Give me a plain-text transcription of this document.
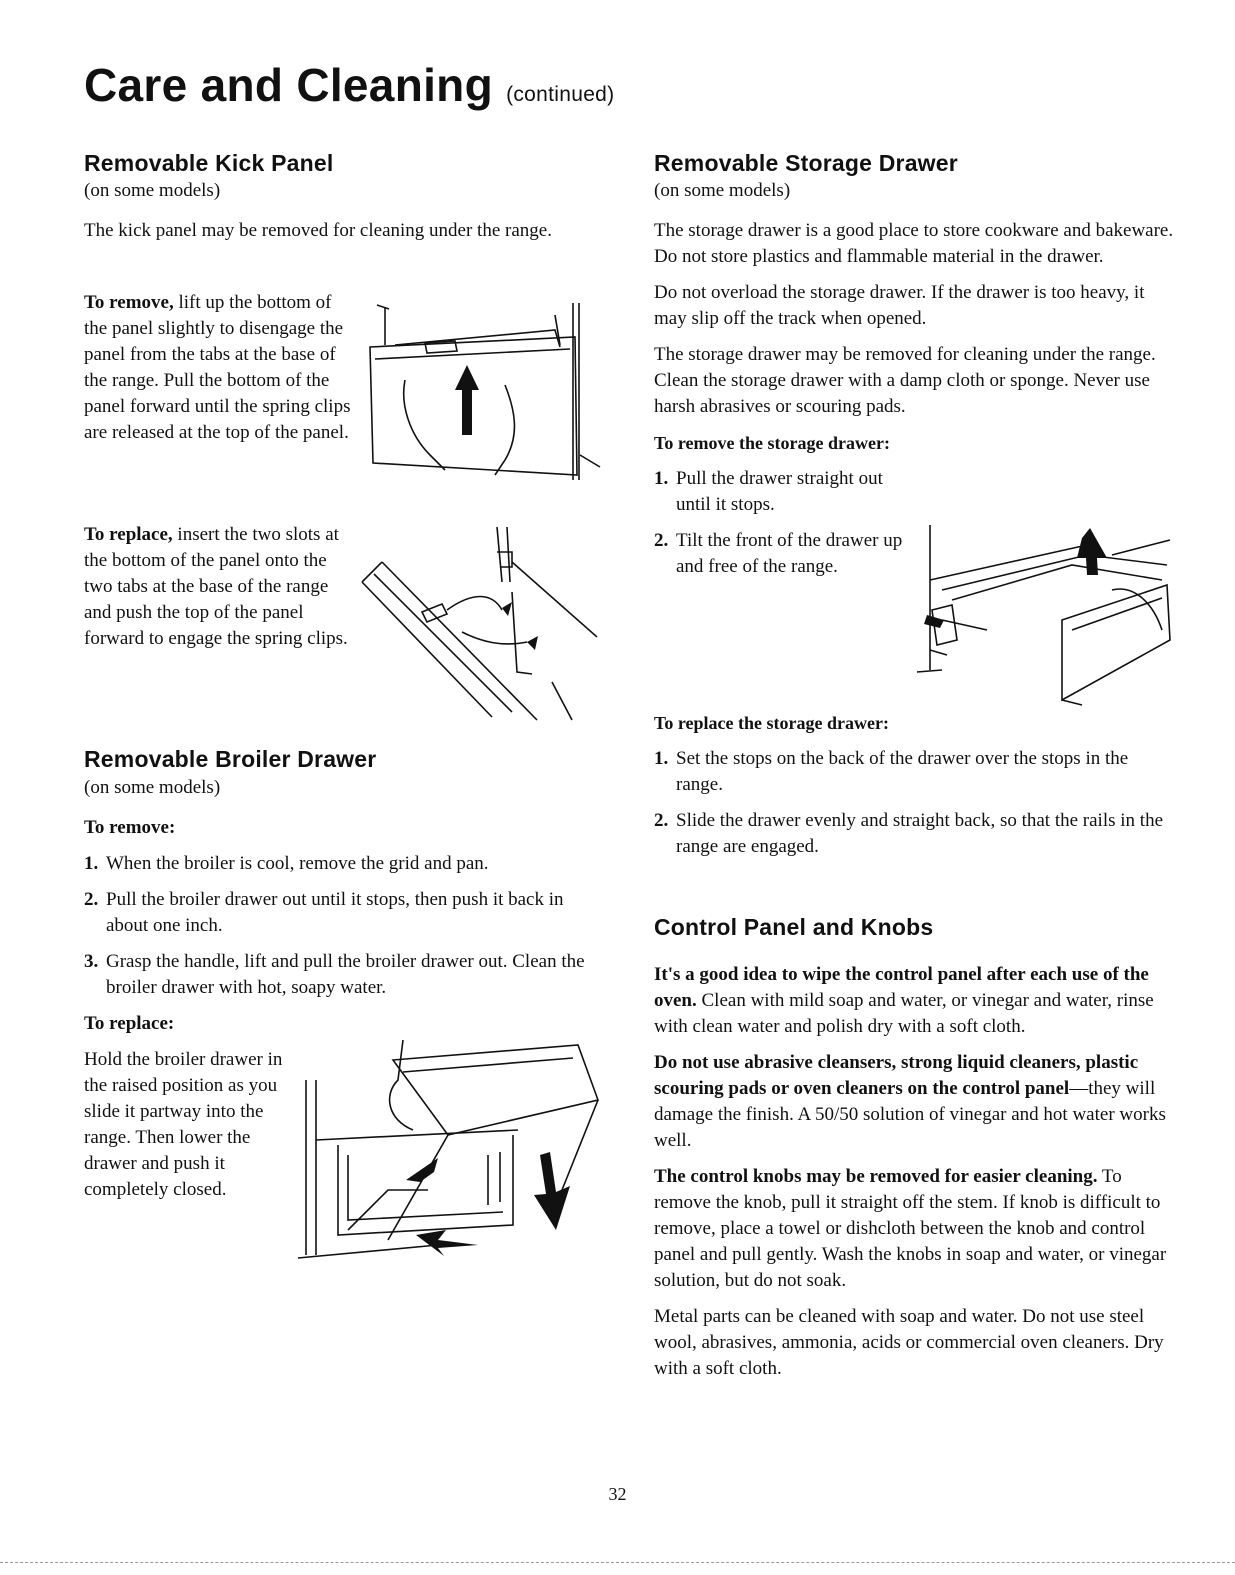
Care and Cleaning (continued)
Removable Kick Panel
(on some models)

The kick panel may be removed for cleaning under the range.

To remove, lift up the bottom of the panel slightly to disengage the panel from the tabs at the base of the range. Pull the bottom of the panel forward until the spring clips are released at the top of the panel.

To replace, insert the two slots at the bottom of the panel onto the two tabs at the base of the range and push the top of the panel forward to engage the spring clips.

Removable Broiler Drawer
(on some models)

To remove:

1. When the broiler is cool, remove the grid and pan.
2. Pull the broiler drawer out until it stops, then push it back in about one inch.
3. Grasp the handle, lift and pull the broiler drawer out. Clean the broiler drawer with hot, soapy water.

To replace:

Hold the broiler drawer in the raised position as you slide it partway into the range. Then lower the drawer and push it completely closed.

Removable Storage Drawer
(on some models)

The storage drawer is a good place to store cookware and bakeware. Do not store plastics and flammable material in the drawer.

Do not overload the storage drawer. If the drawer is too heavy, it may slip off the track when opened.

The storage drawer may be removed for cleaning under the range. Clean the storage drawer with a damp cloth or sponge. Never use harsh abrasives or scouring pads.

To remove the storage drawer:

1. Pull the drawer straight out until it stops.
2. Tilt the front of the drawer up and free of the range.

To replace the storage drawer:

1. Set the stops on the back of the drawer over the stops in the range.
2. Slide the drawer evenly and straight back, so that the rails in the range are engaged.
Control Panel and Knobs

It's a good idea to wipe the control panel after each use of the oven. Clean with mild soap and water, or vinegar and water, rinse with clean water and polish dry with a soft cloth.

Do not use abrasive cleansers, strong liquid cleaners, plastic scouring pads or oven cleaners on the control panel—they will damage the finish. A 50/50 solution of vinegar and hot water works well.

The control knobs may be removed for easier cleaning. To remove the knob, pull it straight off the stem. If knob is difficult to remove, place a towel or dishcloth between the knob and control panel and pull gently. Wash the knobs in soap and water, or vinegar solution, but do not soak.

Metal parts can be cleaned with soap and water. Do not use steel wool, abrasives, ammonia, acids or commercial oven cleaners. Dry with a soft cloth.

32
